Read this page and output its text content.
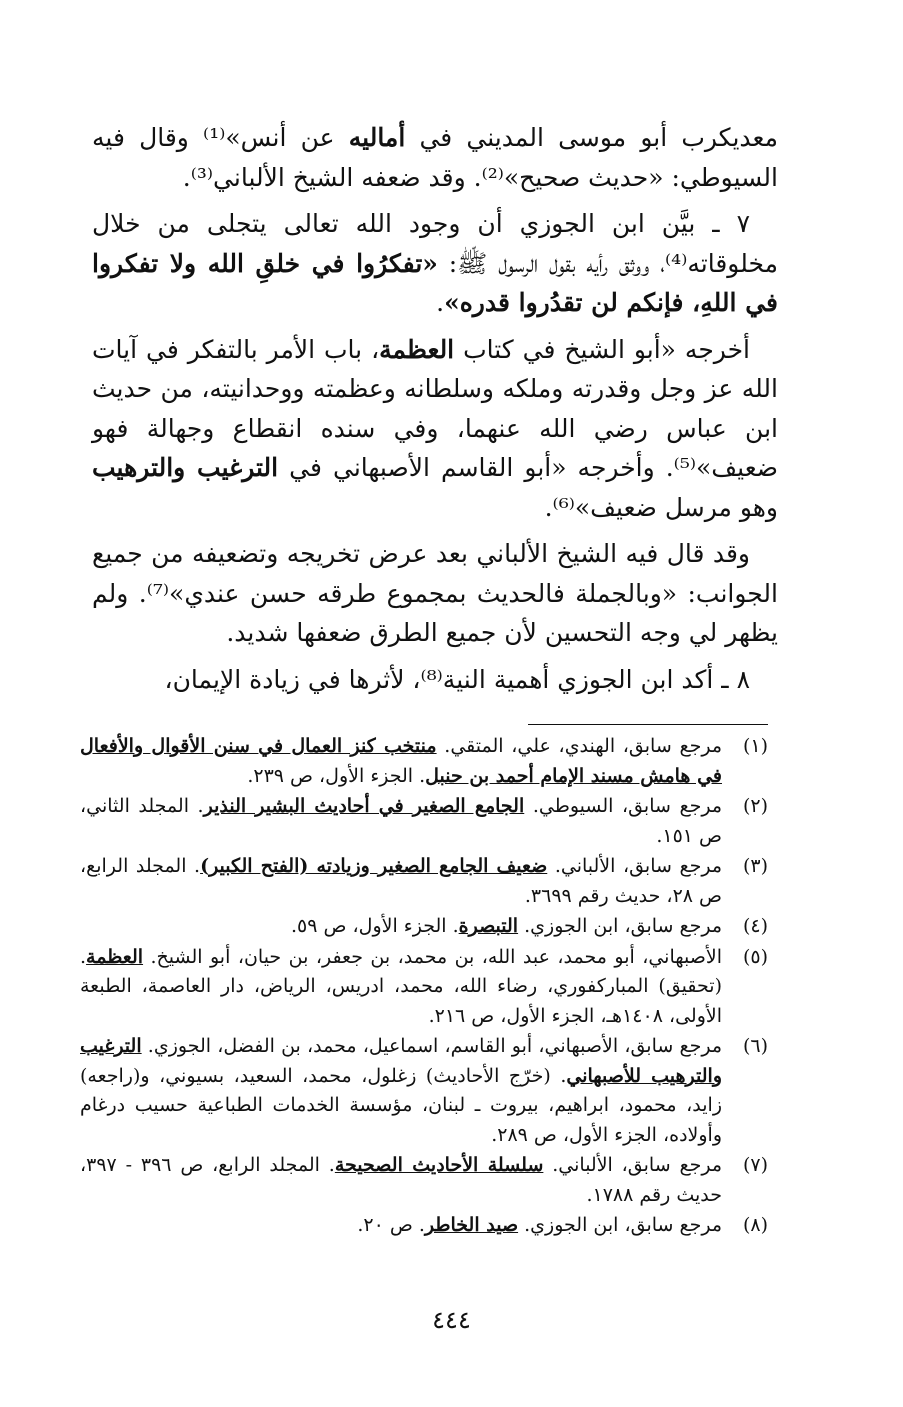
معديكرب أبو موسى المديني في أماليه عن أنس»⁽¹⁾ وقال فيه السيوطي: «حديث صحيح»⁽²⁾. وقد ضعفه الشيخ الألباني⁽³⁾.

٧ ـ بيَّن ابن الجوزي أن وجود الله تعالى يتجلى من خلال مخلوقاته⁽⁴⁾، ووثق رأيه بقول الرسول ﷺ: «تفكرُوا في خلقِ الله ولا تفكروا في اللهِ، فإنكم لن تقدُروا قدره».

أخرجه «أبو الشيخ في كتاب العظمة، باب الأمر بالتفكر في آيات الله عز وجل وقدرته وملكه وسلطانه وعظمته ووحدانيته، من حديث ابن عباس رضي الله عنهما، وفي سنده انقطاع وجهالة فهو ضعيف»⁽⁵⁾. وأخرجه «أبو القاسم الأصبهاني في الترغيب والترهيب وهو مرسل ضعيف»⁽⁶⁾.

وقد قال فيه الشيخ الألباني بعد عرض تخريجه وتضعيفه من جميع الجوانب: «وبالجملة فالحديث بمجموع طرقه حسن عندي»⁽⁷⁾. ولم يظهر لي وجه التحسين لأن جميع الطرق ضعفها شديد.

٨ ـ أكد ابن الجوزي أهمية النية⁽⁸⁾، لأثرها في زيادة الإيمان،

(١)
مرجع سابق، الهندي، علي، المتقي. منتخب كنز العمال في سنن الأقوال والأفعال في هامش مسند الإمام أحمد بن حنبل. الجزء الأول، ص ٢٣٩.
(٢)
مرجع سابق، السيوطي. الجامع الصغير في أحاديث البشير النذير. المجلد الثاني، ص ١٥١.
(٣)
مرجع سابق، الألباني. ضعيف الجامع الصغير وزيادته (الفتح الكبير). المجلد الرابع، ص ٢٨، حديث رقم ٣٦٩٩.
(٤)
مرجع سابق، ابن الجوزي. التبصرة. الجزء الأول، ص ٥٩.
(٥)
الأصبهاني، أبو محمد، عبد الله، بن محمد، بن جعفر، بن حيان، أبو الشيخ. العظمة. (تحقيق) المباركفوري، رضاء الله، محمد، ادريس، الرياض، دار العاصمة، الطبعة الأولى، ١٤٠٨هـ، الجزء الأول، ص ٢١٦.
(٦)
مرجع سابق، الأصبهاني، أبو القاسم، اسماعيل، محمد، بن الفضل، الجوزي. الترغيب والترهيب للأصبهاني. (خرّج الأحاديث) زغلول، محمد، السعيد، بسيوني، و(راجعه) زايد، محمود، ابراهيم، بيروت ـ لبنان، مؤسسة الخدمات الطباعية حسيب درغام وأولاده، الجزء الأول، ص ٢٨٩.
(٧)
مرجع سابق، الألباني. سلسلة الأحاديث الصحيحة. المجلد الرابع، ص ٣٩٦ - ٣٩٧، حديث رقم ١٧٨٨.
(٨)
مرجع سابق، ابن الجوزي. صيد الخاطر. ص ٢٠.
٤٤٤
